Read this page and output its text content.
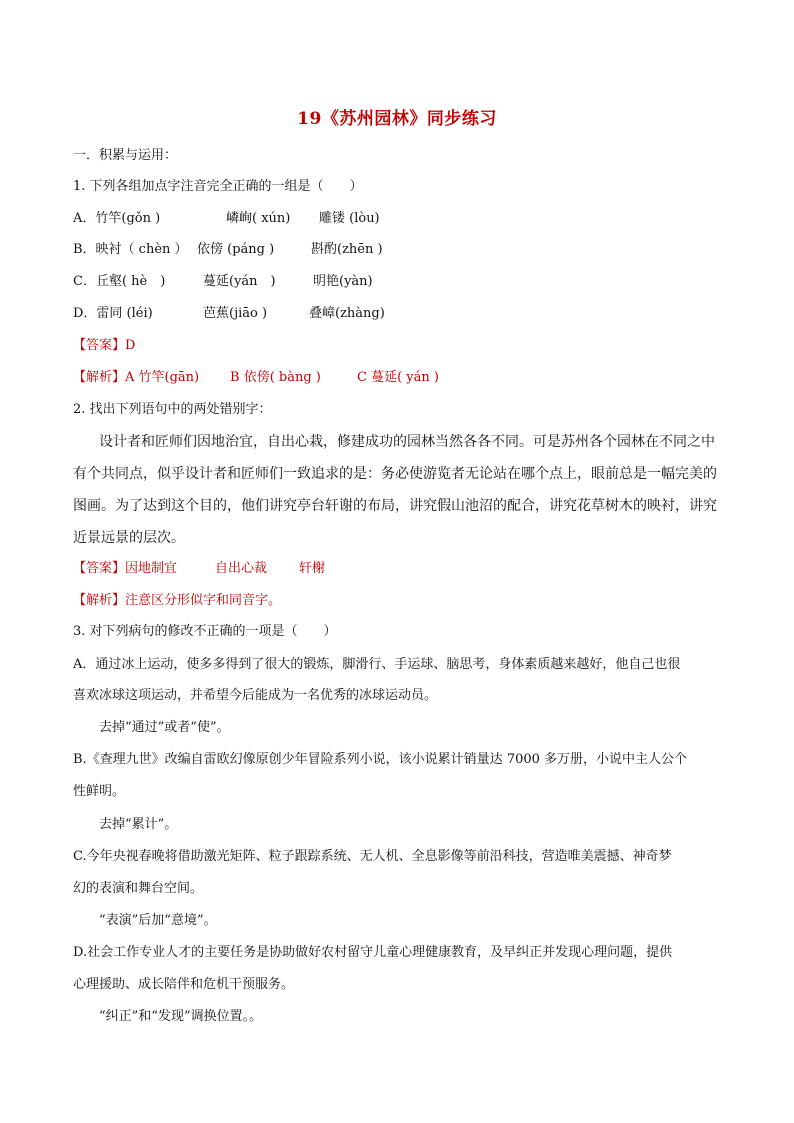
19《苏州园林》同步练习
一．积累与运用：
1. 下列各组加点字注音完全正确的一组是（　　）
A．竹竿(gǒn )	嶙峋( xún) 雕镂 (lòu)
B．映衬（ chèn ） 依傍 (páng )	斟酌(zhēn )
C．丘壑( hè　)	蔓延(yán　)	明艳(yàn)
D．雷同 (léi)	芭蕉(jiāo )	叠嶂(zhàng)
【答案】D
【解析】A 竹竿(gān) B 依傍( bàng )	C 蔓延( yán )
2. 找出下列语句中的两处错别字：
设计者和匠师们因地治宜，自出心栽，修建成功的园林当然各各不同。可是苏州各个园林在不同之中
有个共同点，似乎设计者和匠师们一致追求的是：务必使游览者无论站在哪个点上，眼前总是一幅完美的
图画。为了达到这个目的，他们讲究亭台轩谢的布局，讲究假山池沼的配合，讲究花草树木的映衬，讲究
近景远景的层次。
【答案】因地制宜	自出心裁 轩榭
【解析】注意区分形似字和同音字。
3. 对下列病句的修改不正确的一项是（　　）
A．通过冰上运动，使多多得到了很大的锻炼，脚滑行、手运球、脑思考，身体素质越来越好，他自己也很
喜欢冰球这项运动，并希望今后能成为一名优秀的冰球运动员。
去掉“通过”或者“使”。
B.《查理九世》改编自雷欧幻像原创少年冒险系列小说，该小说累计销量达 7000 多万册，小说中主人公个
性鲜明。
去掉“累计”。
C.今年央视春晚将借助激光矩阵、粒子跟踪系统、无人机、全息影像等前沿科技，营造唯美震撼、神奇梦
幻的表演和舞台空间。
“表演”后加“意境”。
D.社会工作专业人才的主要任务是协助做好农村留守儿童心理健康教育，及早纠正并发现心理问题，提供
心理援助、成长陪伴和危机干预服务。
“纠正”和“发现”调换位置。。
